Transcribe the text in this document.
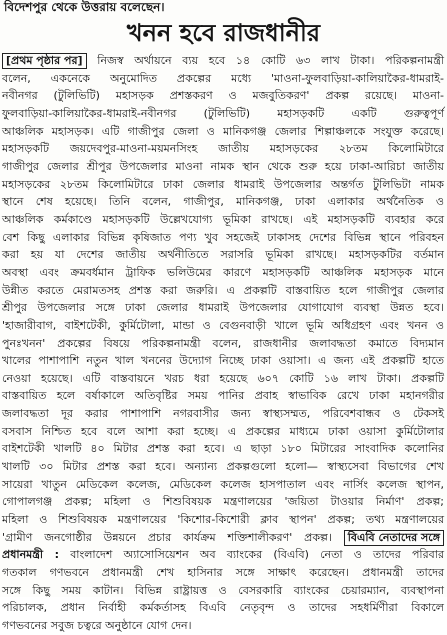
বিদেশপুর থেকে উত্তরায় বলেছেন।
খনন হবে রাজধানীর
[প্রথম পৃষ্ঠার পর] নিজস্ব অর্থায়নে ব্যয় হবে ১৪ কোটি ৬৩ লাখ টাকা। পরিকল্পনামন্ত্রী
বলেন, একনেকে অনুমোদিত প্রকল্পের মধ্যে 'মাওনা-ফুলবাড়িয়া-কালিয়াকৈর-ধামরাই-
নবীনগর (টুলিভিটি) মহাসড়ক প্রশস্তকরণ ও মজবুতিকরণ' প্রকল্প রয়েছে। মাওনা-
ফুলবাড়িয়া-কালিয়াকৈর-ধামরাই-নবীনগর (টুলিভিটি) মহাসড়কটি একটি গুরুত্বপূর্ণ
আঞ্চলিক মহাসড়ক। এটি গাজীপুর জেলা ও মানিকগঞ্জ জেলার শিল্পাঞ্চলকে সংযুক্ত করেছে।
মহাসড়কটি জয়দেবপুর-মাওনা-ময়মনসিংহ জাতীয় মহাসড়কের ২৮তম কিলোমিটারে
গাজীপুর জেলার শ্রীপুর উপজেলার মাওনা নামক স্থান থেকে শুরু হয়ে ঢাকা-আরিচা জাতীয়
মহাসড়কের ২৮তম কিলোমিটারে ঢাকা জেলার ধামরাই উপজেলার অন্তর্গত টুলিভিটা নামক
স্থানে শেষ হয়েছে। তিনি বলেন, গাজীপুর, মানিকগঞ্জ, ঢাকা এলাকার অর্থনৈতিক ও
আঞ্চলিক কর্মকাণ্ডে মহাসড়কটি উল্লেখযোগ্য ভূমিকা রাখছে। এই মহাসড়কটি ব্যবহার করে
বেশ কিছু এলাকার বিভিন্ন কৃষিজাত পণ্য খুব সহজেই ঢাকাসহ দেশের বিভিন্ন স্থানে পরিবহন
করা হয় যা দেশের জাতীয় অর্থনীতিতে সরাসরি ভূমিকা রাখছে। মহাসড়কটির বর্তমান
অবস্থা এবং ক্রমবর্ধমান ট্রাফিক ভলিউমের কারণে মহাসড়কটি আঞ্চলিক মহাসড়ক মানে
উন্নীত করতে মেরামতসহ প্রশস্ত করা জরুরি। এ প্রকল্পটি বাস্তবায়িত হলে গাজীপুর জেলার
শ্রীপুর উপজেলার সঙ্গে ঢাকা জেলার ধামরাই উপজেলার যোগাযোগ ব্যবস্থা উন্নত হবে।
'হাজারীবাগ, বাইশটেকী, কুর্মিটোলা, মান্ডা ও বেগুনবাড়ী খালে ভূমি অধিগ্রহণ এবং খনন ও
পুনঃখনন' প্রকল্পের বিষয়ে পরিকল্পনামন্ত্রী বলেন, রাজধানীর জলাবদ্ধতা কমাতে বিদ্যমান
খালের পাশাপাশি নতুন খাল খননের উদ্যোগ নিচ্ছে ঢাকা ওয়াসা। এ জন্য এই প্রকল্পটি হাতে
নেওয়া হয়েছে। এটি বাস্তবায়নে খরচ ধরা হয়েছে ৬০৭ কোটি ১৬ লাখ টাকা। প্রকল্পটি
বাস্তবায়িত হলে বর্ষাকালে অতিবৃষ্টির সময় পানির প্রবাহ স্বাভাবিক রেখে ঢাকা মহানগরীর
জলাবদ্ধতা দূর করার পাশাপাশি নগরবাসীর জন্য স্বাস্থ্যসম্মত, পরিবেশবান্ধব ও টেকসই
বসবাস নিশ্চিত হবে বলে আশা করা হচ্ছে। এ প্রকল্পের মাধ্যমে ঢাকা ওয়াসা কুর্মিটোলার
বাইশটেকী খালটি ৪০ মিটার প্রশস্ত করা হবে। এ ছাড়া ১৮০ মিটারের সাংবাদিক কলোনির
খালটি ৩০ মিটার প্রশস্ত করা হবে। অন্যান্য প্রকল্পগুলো হলো— স্বাস্থ্যসেবা বিভাগের শেখ
সায়েরা খাতুন মেডিকেল কলেজ, মেডিকেল কলেজ হাসপাতাল এবং নার্সিং কলেজ স্থাপন,
গোপালগঞ্জ প্রকল্প; মহিলা ও শিশুবিষয়ক মন্ত্রণালয়ের 'জয়িতা টাওয়ার নির্মাণ' প্রকল্প;
মহিলা ও শিশুবিষয়ক মন্ত্রণালয়ের 'কিশোর-কিশোরী ক্লাব স্থাপন' প্রকল্প; তথ্য মন্ত্রণালয়ের
'গ্রামীণ জনগোষ্ঠীর উন্নয়নে প্রচার কার্যক্রম শক্তিশালীকরণ' প্রকল্প। বিএবি নেতাদের সঙ্গে
প্রধানমন্ত্রী : বাংলাদেশ অ্যাসোসিয়েশন অব ব্যাংকের (বিএবি) নেতা ও তাদের পরিবার
গতকাল গণভবনে প্রধানমন্ত্রী শেখ হাসিনার সঙ্গে সাক্ষাৎ করেছেন। প্রধানমন্ত্রী তাদের
সঙ্গে কিছু সময় কাটান। বিভিন্ন রাষ্ট্রায়ত্ত ও বেসরকারি ব্যাংকের চেয়ারম্যান, ব্যবস্থাপনা
পরিচালক, প্রধান নির্বাহী কর্মকর্তাসহ বিএবি নেতৃবৃন্দ ও তাদের সহধর্মিণীরা বিকালে
গণভবনের সবুজ চত্বরে অনুষ্ঠানে যোগ দেন।
